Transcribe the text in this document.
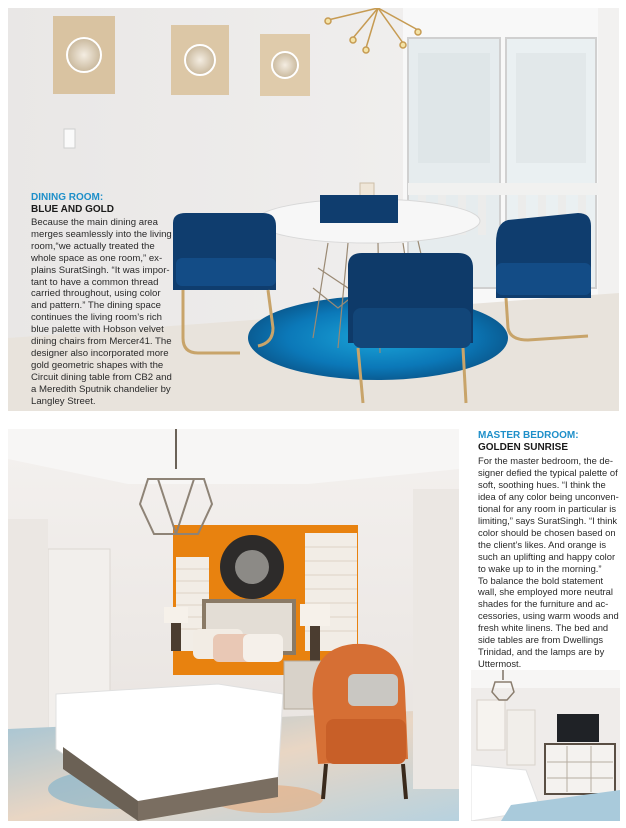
DINING ROOM:

BLUE AND GOLD

Because the main dining area
merges seamlessly into the living
room,“we actually treated the
whole space as one room,” ex-
plains SuratSingh. “It was impor-
tant to have a common thread
carried throughout, using color
and pattern.” The dining space
continues the living room’s rich
blue palette with Hobson velvet
dining chairs from Mercer41. The
designer also incorporated more
gold geometric shapes with the
Circuit dining table from CB2 and
a Meredith Sputnik chandelier by
Langley Street.

MASTER BEDROOM:

GOLDEN SUNRISE

For the master bedroom, the de-
signer defied the typical palette of
soft, soothing hues. “I think the
idea of any color being unconven-
tional for any room in particular is
limiting,” says SuratSingh. “I think
color should be chosen based on
the client’s likes. And orange is
such an uplifting and happy color
to wake up to in the morning.”
To balance the bold statement
wall, she employed more neutral
shades for the furniture and ac-
cessories, using warm woods and
fresh white linens. The bed and
side tables are from Dwellings
Trinidad, and the lamps are by
Uttermost.
